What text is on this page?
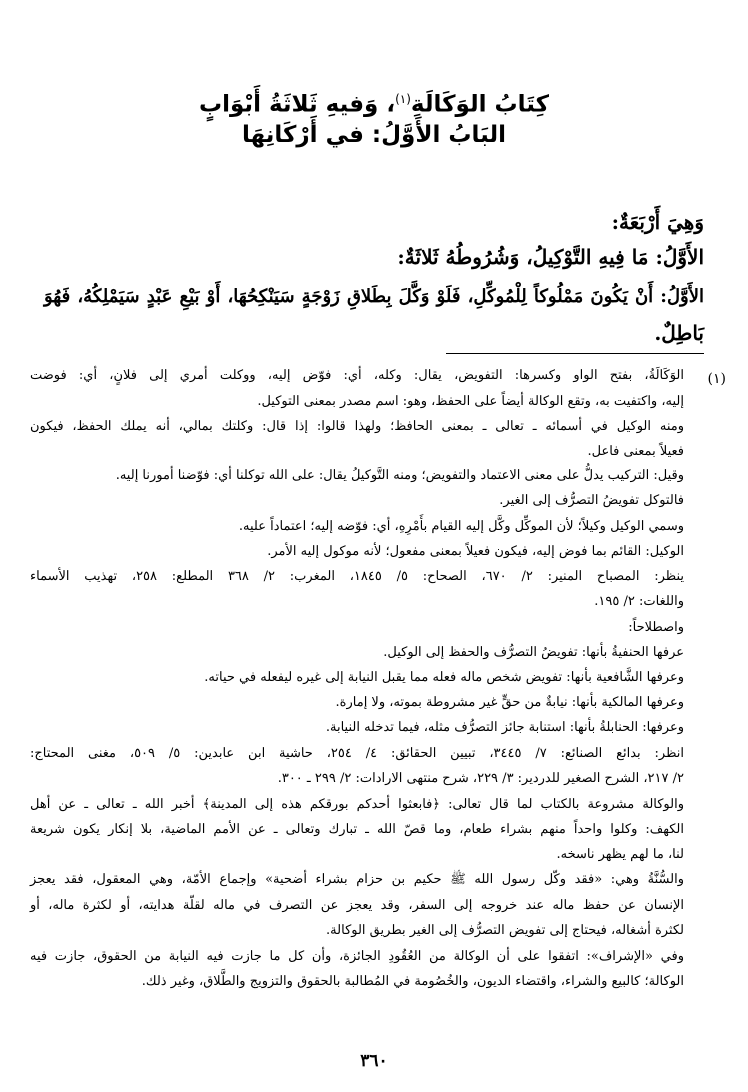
كِتَابُ الوَكَالَةِ$^{(١)}$، وَفيهِ ثَلاثَةُ أَبْوَابٍ
البَابُ الأَوَّلُ: في أَرْكَانِهَا
وَهِيَ أَرْبَعَةٌ:
الأَوَّلُ: مَا فِيهِ التَّوْكِيلُ، وَشُرُوطُهُ ثَلاثَةٌ:
الأَوَّلُ: أَنْ يَكُونَ مَمْلُوكاً لِلْمُوكِّلِ، فَلَوْ وَكَّلَ بِطَلاقِ زَوْجَةٍ سَيَنْكِحُهَا، أَوْ بَيْعِ عَبْدٍ سَيَمْلِكُهُ، فَهُوَ
بَاطِلٌ.
(١)
الوَكَالَةُ، بفتح الواو وكسرها: التفويض، يقال: وكله، أي: فوّض إليه، ووكلت أمري إلى فلانٍ، أي: فوضت
إليه، واكتفيت به، وتقع الوكالة أيضاً على الحفظ، وهو: اسم مصدر بمعنى التوكيل.
ومنه الوكيل في أسمائه ـ تعالى ـ بمعنى الحافظ؛ ولهذا قالوا: إذا قال: وكلتك بمالي، أنه يملك الحفظ، فيكون
فعيلاً بمعنى فاعل.
وقيل: التركيب يدلُّ على معنى الاعتماد والتفويض؛ ومنه التَّوكيلُ يقال: على الله توكلنا أي: فوّضنا أمورنا إليه.
فالتوكل تفويضُ التصرُّف إلى الغير.
وسمي الوكيل وكيلاً؛ لأن الموكِّل وكَّل إليه القيام بأَمْرِهِ، أي: فوّضه إليه؛ اعتماداً عليه.
الوكيل: القائم بما فوض إليه، فيكون فعيلاً بمعنى مفعول؛ لأنه موكول إليه الأمر.
ينظر: المصباح المنير: ٢/ ٦٧٠، الصحاح: ٥/ ١٨٤٥، المغرب: ٢/ ٣٦٨ المطلع: ٢٥٨، تهذيب الأسماء
واللغات: ٢/ ١٩٥.
واصطلاحاً:
عرفها الحنفيةُ بأنها: تفويضُ التصرُّف والحفظ إلى الوكيل.
وعرفها الشَّافعية بأنها: تفويض شخص ماله فعله مما يقبل النيابة إلى غيره ليفعله في حياته.
وعرفها المالكية بأنها: نيابةٌ من حقٍّ غير مشروطة بموته، ولا إمارة.
وعرفها: الحنابلةُ بأنها: استنابة جائز التصرُّف مثله، فيما تدخله النيابة.
انظر: بدائع الصنائع: ٧/ ٣٤٤٥، تبيين الحقائق: ٤/ ٢٥٤، حاشية ابن عابدين: ٥/ ٥٠٩، مغنى المحتاج:
٢/ ٢١٧، الشرح الصغير للدردير: ٣/ ٢٢٩، شرح منتهى الارادات: ٢/ ٢٩٩ ـ ٣٠٠.
والوكالة مشروعة بالكتاب لما قال تعالى: ﴿فابعثوا أحدكم بورقكم هذه إلى المدينة﴾ أخبر الله ـ تعالى ـ عن أهل
الكهف: وكلوا واحداً منهم بشراء طعام، وما قصّ الله ـ تبارك وتعالى ـ عن الأمم الماضية، بلا إنكار يكون شريعة
لنا، ما لهم يظهر ناسخه.
والسُّنَّةُ وهي: «فقد وكّل رسول الله ﷺ حكيم بن حزام بشراء أضحية» وإجماع الأمّة، وهي المعقول، فقد يعجز
الإنسان عن حفظ ماله عند خروجه إلى السفر، وقد يعجز عن التصرف في ماله لقلّة هدايته، أو لكثرة ماله، أو
لكثرة أشغاله، فيحتاج إلى تفويض التصرُّف إلى الغير بطريق الوكالة.
وفي «الإشراف»: اتفقوا على أن الوكالة من العُقُودِ الجائزة، وأن كل ما جازت فيه النيابة من الحقوق، جازت فيه
الوكالة؛ كالبيع والشراء، واقتضاء الديون، والخُصُومة في المُطالبة بالحقوق والتزويج والطَّلاق، وغير ذلك.
٣٦٠
